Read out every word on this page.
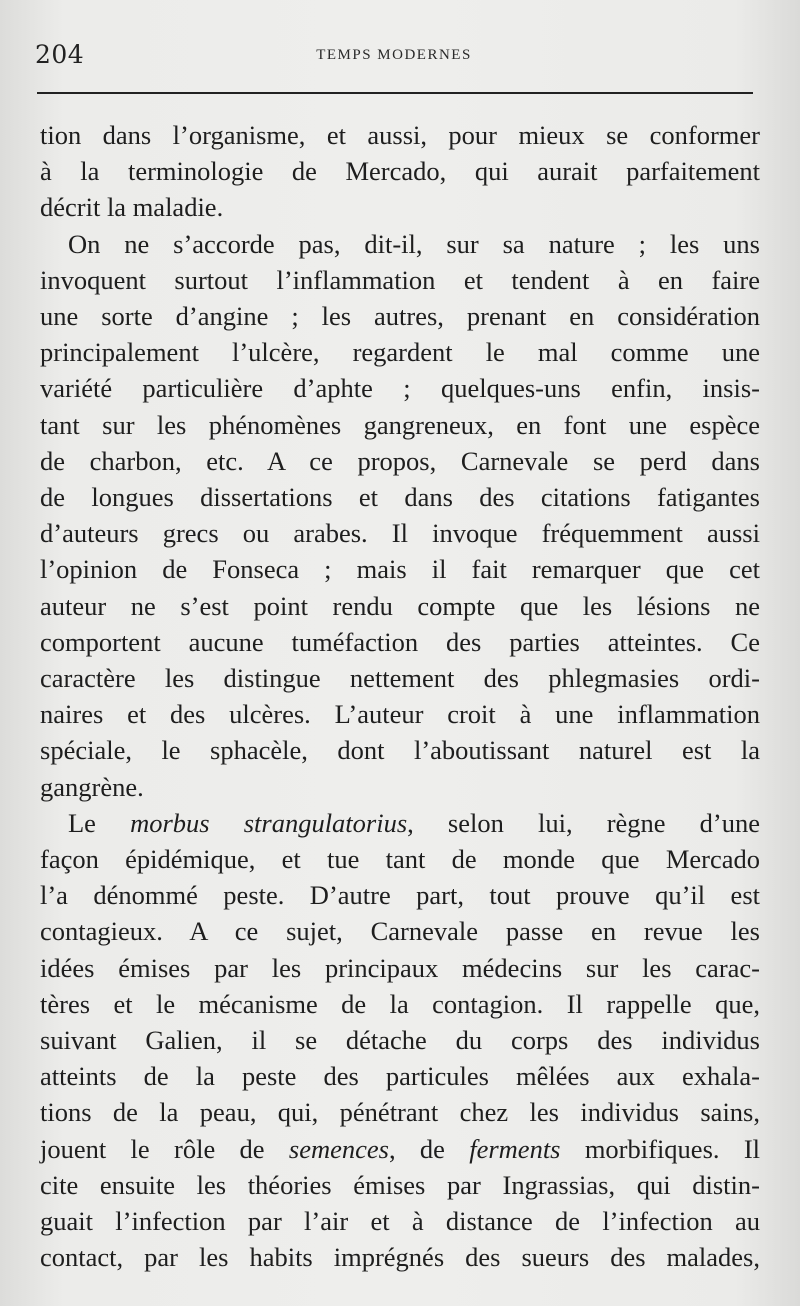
204	TEMPS MODERNES
tion dans l’organisme, et aussi, pour mieux se conformer
à la terminologie de Mercado, qui aurait parfaitement
décrit la maladie.
On ne s’accorde pas, dit-il, sur sa nature ; les uns
invoquent surtout l’inflammation et tendent à en faire
une sorte d’angine ; les autres, prenant en considération
principalement l’ulcère, regardent le mal comme une
variété particulière d’aphte ; quelques-uns enfin, insis-
tant sur les phénomènes gangreneux, en font une espèce
de charbon, etc. A ce propos, Carnevale se perd dans
de longues dissertations et dans des citations fatigantes
d’auteurs grecs ou arabes. Il invoque fréquemment aussi
l’opinion de Fonseca ; mais il fait remarquer que cet
auteur ne s’est point rendu compte que les lésions ne
comportent aucune tuméfaction des parties atteintes. Ce
caractère les distingue nettement des phlegmasies ordi-
naires et des ulcères. L’auteur croit à une inflammation
spéciale, le sphacèle, dont l’aboutissant naturel est la
gangrène.
Le morbus strangulatorius, selon lui, règne d’une
façon épidémique, et tue tant de monde que Mercado
l’a dénommé peste. D’autre part, tout prouve qu’il est
contagieux. A ce sujet, Carnevale passe en revue les
idées émises par les principaux médecins sur les carac-
tères et le mécanisme de la contagion. Il rappelle que,
suivant Galien, il se détache du corps des individus
atteints de la peste des particules mêlées aux exhala-
tions de la peau, qui, pénétrant chez les individus sains,
jouent le rôle de semences, de ferments morbifiques. Il
cite ensuite les théories émises par Ingrassias, qui distin-
guait l’infection par l’air et à distance de l’infection au
contact, par les habits imprégnés des sueurs des malades,
